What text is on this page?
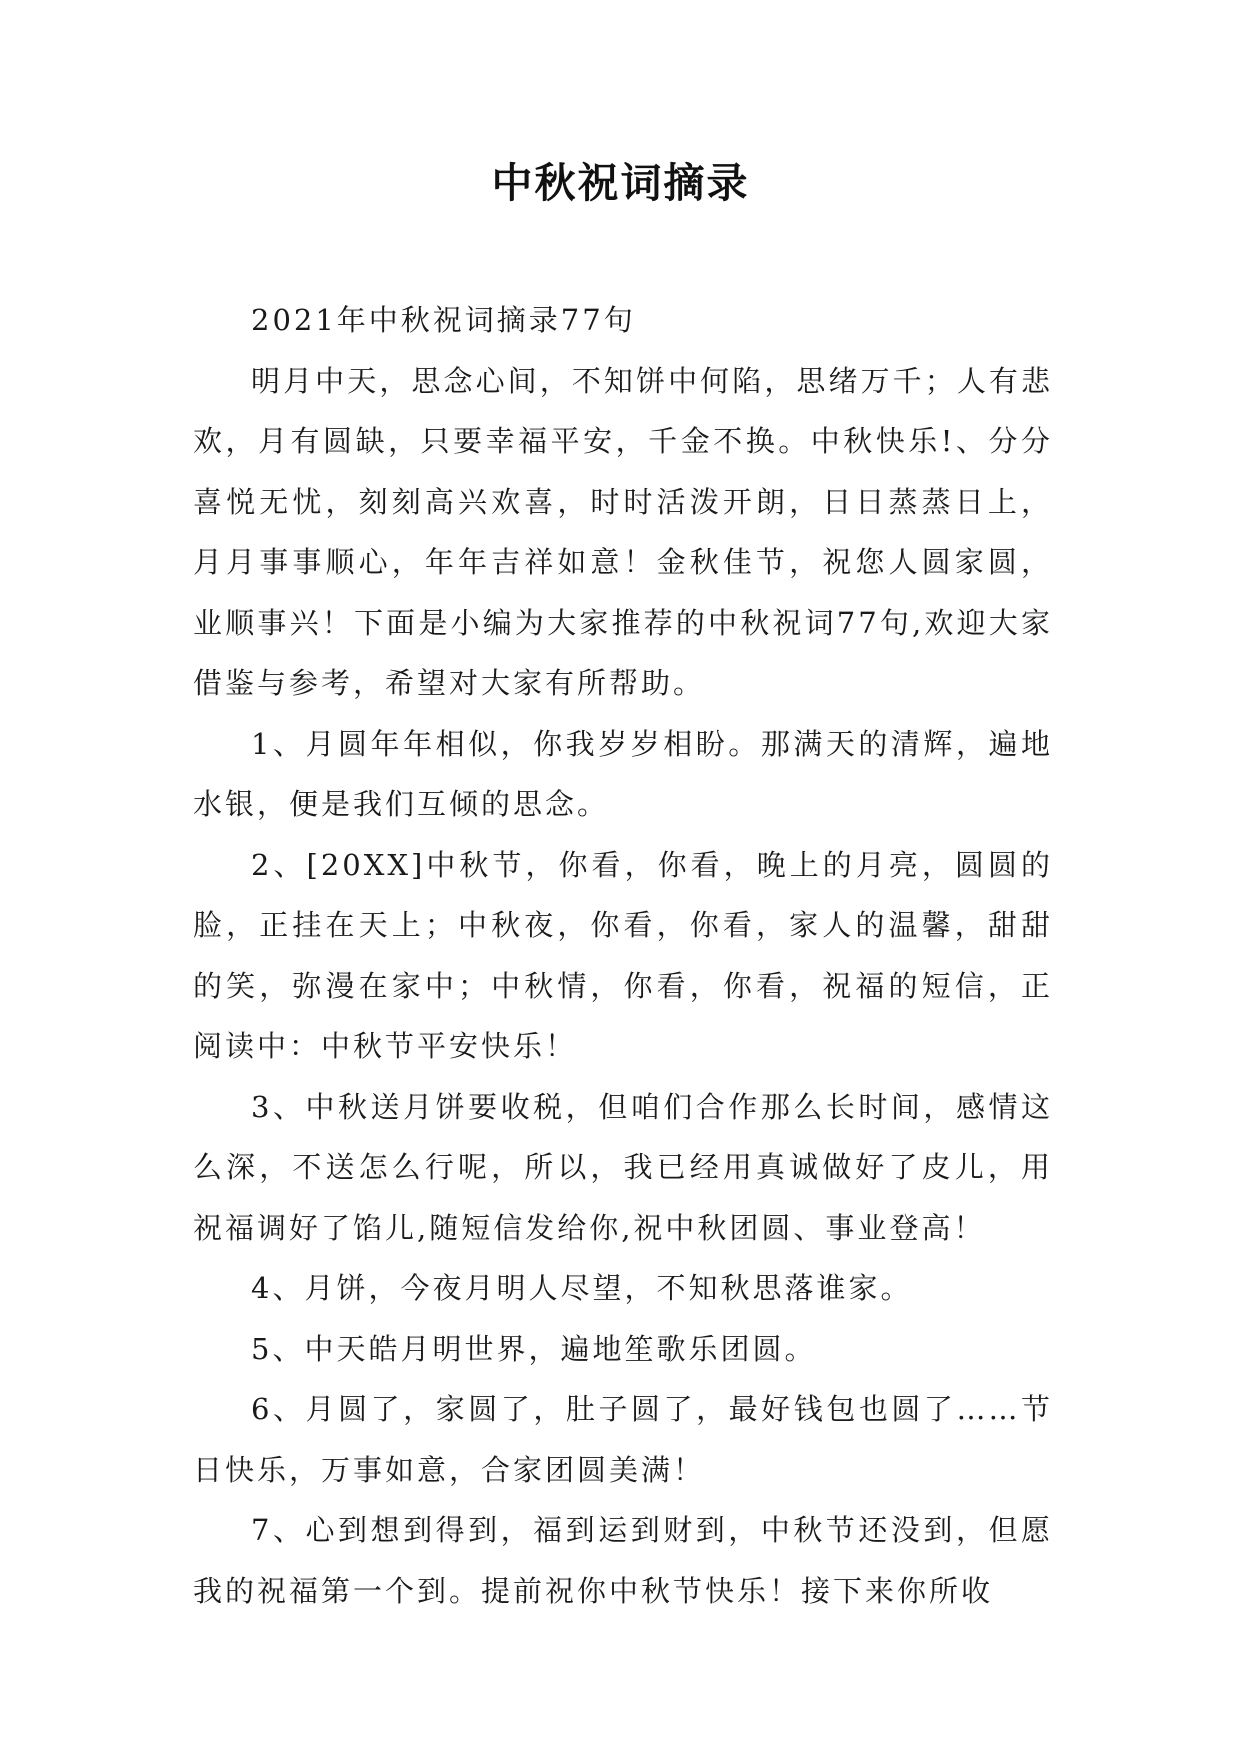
中秋祝词摘录

2021年中秋祝词摘录77句

明月中天，思念心间，不知饼中何陷，思绪万千；人有悲欢，月有圆缺，只要幸福平安，千金不换。中秋快乐!、分分喜悦无忧，刻刻高兴欢喜，时时活泼开朗，日日蒸蒸日上，月月事事顺心，年年吉祥如意！金秋佳节，祝您人圆家圆，业顺事兴！下面是小编为大家推荐的中秋祝词77句,欢迎大家借鉴与参考，希望对大家有所帮助。

1、月圆年年相似，你我岁岁相盼。那满天的清辉，遍地水银，便是我们互倾的思念。

2、[20XX]中秋节，你看，你看，晚上的月亮，圆圆的脸，正挂在天上；中秋夜，你看，你看，家人的温馨，甜甜的笑，弥漫在家中；中秋情，你看，你看，祝福的短信，正阅读中：中秋节平安快乐！

3、中秋送月饼要收税，但咱们合作那么长时间，感情这么深，不送怎么行呢，所以，我已经用真诚做好了皮儿，用祝福调好了馅儿,随短信发给你,祝中秋团圆、事业登高！

4、月饼，今夜月明人尽望，不知秋思落谁家。

5、中天皓月明世界，遍地笙歌乐团圆。

6、月圆了，家圆了，肚子圆了，最好钱包也圆了……节日快乐，万事如意，合家团圆美满！

7、心到想到得到，福到运到财到，中秋节还没到，但愿我的祝福第一个到。提前祝你中秋节快乐！接下来你所收
